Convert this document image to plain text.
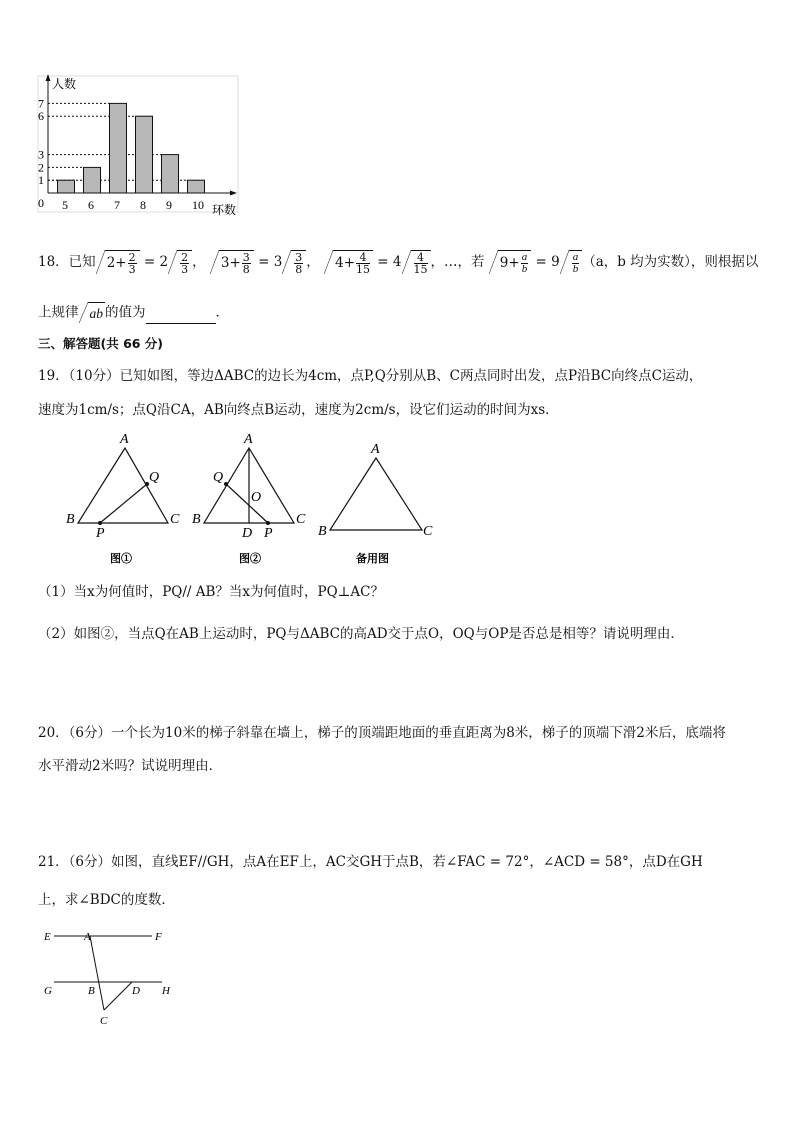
人数
环数
0
1
2
3
6
7
5 6 7 8 9 10
18．已知 $2+ \frac{2}{3} = 2 \frac{2}{3}$ ， $3+ \frac{3}{8} = 3 \frac{3}{8}$ ， $4+ \frac{4}{15} = 4 \frac{4}{15}$ ，…，若 $9+ \frac{a}{b} = 9 \frac{a}{b} (a$，b 均为实数），则根据以
上规律 ab 的值为	．
三、解答题(共 66 分)
19．（10分）已知如图，等边ΔABC的边长为4cm，点P,Q分别从B、C两点同时出发，点P沿BC向终点C运动，
速度为1cm/s；点Q沿CA，AB向终点B运动，速度为2cm/s，设它们运动的时间为xs．
A
B	C
Q
P
图①
A
Q
O
B	C
D P
图②
A
B	C
备用图
（1）当x为何值时，PQ// AB？当x为何值时，PQ⊥AC？
（2）如图②，当点Q在AB上运动时，PQ与ΔABC的高AD交于点O，OQ与OP是否总是相等？请说明理由．
20．（6分）一个长为10米的梯子斜靠在墙上，梯子的顶端距地面的垂直距离为8米，梯子的顶端下滑2米后，底端将
水平滑动2米吗？试说明理由．
21．（6分）如图，直线EF//GH，点A在EF上，AC交GH于点B，若∠FAC = 72°，∠ACD = 58°，点D在GH
上，求∠BDC的度数．
E	A	F
G	B	D H
C
